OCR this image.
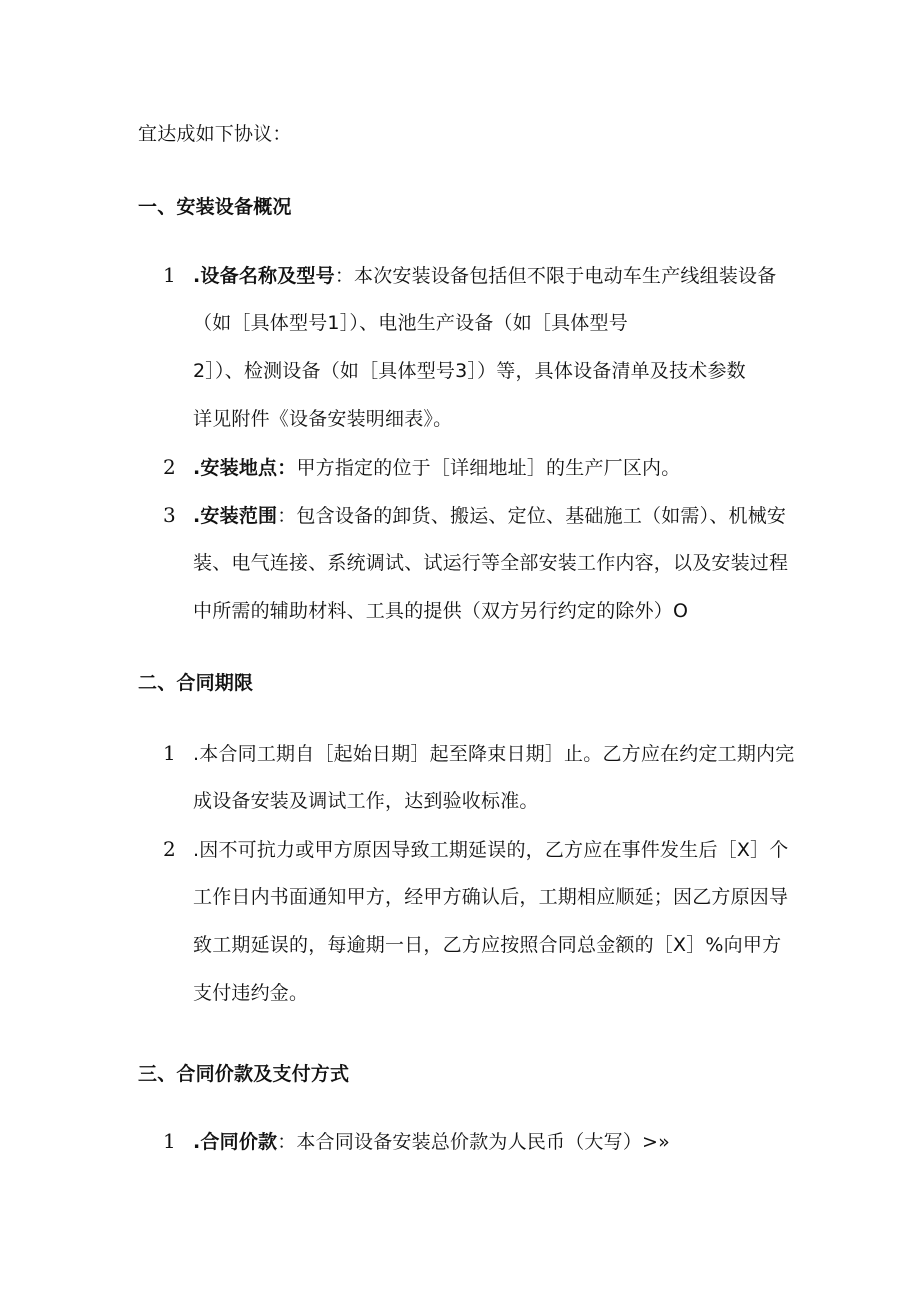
宜达成如下协议：
一、安装设备概况
1 .设备名称及型号：本次安装设备包括但不限于电动车生产线组装设备
（如［具体型号1］）、电池生产设备（如［具体型号
2］）、检测设备（如［具体型号3］）等，具体设备清单及技术参数
详见附件《设备安装明细表》。
2 .安装地点：甲方指定的位于［详细地址］的生产厂区内。
3 .安装范围：包含设备的卸货、搬运、定位、基础施工（如需）、机械安
装、电气连接、系统调试、试运行等全部安装工作内容，以及安装过程
中所需的辅助材料、工具的提供（双方另行约定的除外）O
二、合同期限
1 .本合同工期自［起始日期］起至降束日期］止。乙方应在约定工期内完
成设备安装及调试工作，达到验收标准。
2 .因不可抗力或甲方原因导致工期延误的，乙方应在事件发生后［X］个
工作日内书面通知甲方，经甲方确认后，工期相应顺延；因乙方原因导
致工期延误的，每逾期一日，乙方应按照合同总金额的［X］%向甲方
支付违约金。
三、合同价款及支付方式
1 .合同价款：本合同设备安装总价款为人民币（大写）>»
